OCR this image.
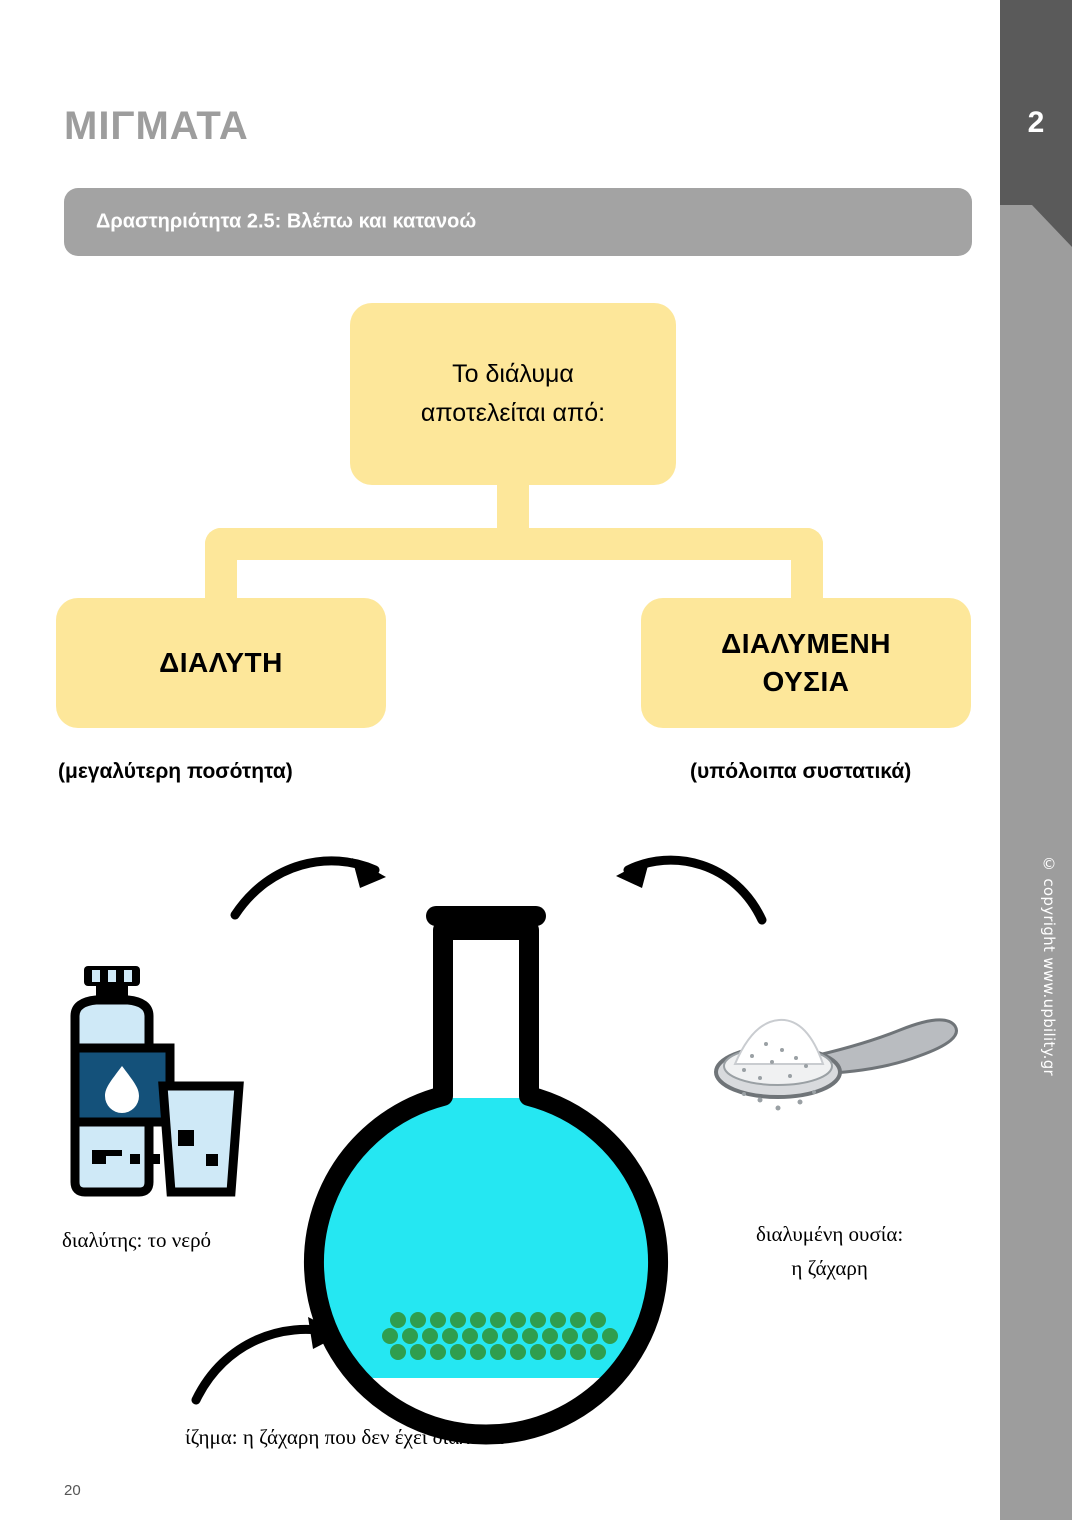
2
© copyright www.upbility.gr
ΜΙΓΜΑΤΑ
Δραστηριότητα 2.5: Βλέπω και κατανοώ
Το διάλυμα
αποτελείται από:
ΔΙΑΛΥΤΗ
ΔΙΑΛΥΜΕΝΗ
ΟΥΣΙΑ
(μεγαλύτερη ποσότητα)	(υπόλοιπα συστατικά)
διαλύτης: το νερό	διαλυμένη ουσία:
η ζάχαρη
ίζημα: η ζάχαρη που δεν έχει διαλυθεί
20
